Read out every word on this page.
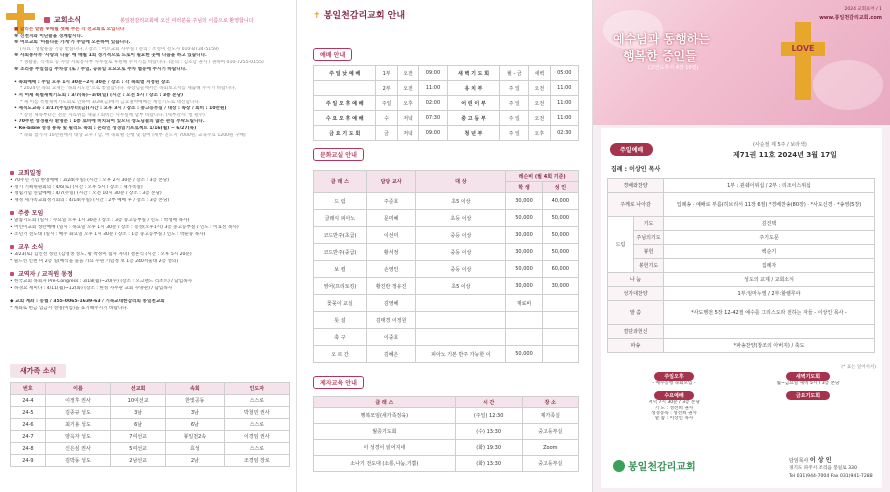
교회소식	봉일천감리교회에 오신 여러분을 주님의 이름으로 환영합니다
■ 알리는 말씀 ※매월 셋째 주는 각 선교회로 모입니다
※ 신천지와 이단들을 경계합시다.
※ 어르교회 '아름다운 가게'가 주일에 오픈하여 있습니다.
(자료 : 생활용품 기증 받습니다. / 장소 : 어르교회 사무실 / 문의 : 조영미 전도사 010-8734-5159)
※ 사회봉사부 '사랑의 나눔' 에 매월 1회 정기적으로 드로이 필요한 곳에 나눔을 하고 있습니다.
* 생활용, 식재료 등 사랑 사회봉사부 사무실로 후원해 주시기를 바랍니다. (문의 : 김호남 권사 / 권하여 010-7255-0155)
※ 조리중 주일섬김 주차장 (또 / 주일, 공휴일 오요오토 주차 협동에 주시기 바랍니다.

• 속회예배 : 주일 오후 1시 30분~2시 30분 / 장소 : 각 속회별 지정된 장소
* 2024년 속회 교재는 '속회지도안'으로 통일합니다. 속장님들께서는 속회보고서를 제출해 주시기 바랍니다.
• 서 어제 특별새벽기도회 : 3/7(목)~3/0(일) (시간 : 오전 5시 / 장소 : 3층 본당)
* 새 이름 특별새벽기도회로 인하여 3/29(금)에서 금요철야예배는 계인기도로 대신합니다.
• 제직도교육 : 3/17(주일)부터(금)(시간 : 오후 3시 / 장소 : 중고등부실 / 대상 : 속장 / 회비 : 10만원)
* 장년 제목부터는 전문 자료위를 제출 / 회비는 사무실에 납부 바랍니다. (세부강사: 청 황수)
• 70주년 성경필사 환영문 : 1층 로비에 비치되어 있으니 성도님들의 많은 관심 부탁드립니다.
• Re-bible 성경 통독 및 필리드 속회 : 온라인 성경읽기프로젝트 1/16(월) ~ 6/27(목)
* 속회 참가자 10만원에서 대상 교우 / 남, 여 속회별 진행 및 참여 (세부 진도지 7000원, 교육수료 1200원 구매)
교회일정
• 70주년 기념 한영예배 : 3/24(주일) (시간 : 오후 2시 30분 / 장소 : 3층 본당)
• 정기 기획위원회의 : 4/6(토) (시간 : 오후 5시 / 장소 : 제가족실)
• 정립기념 연합예배 : 4/7(주일) (시간 : 오전 10시 30분 / 장소 : 3층 본당)
• 재정 세가족교회정기회의 : 4/14(주일) (시간 : 2부 예배 후 / 장소 : 3층 본당)
주중 모임
• 말씀기도회 (일시 : 수요일 오후 1시 30분 / 장소 : 3층 중고등부실 / 인도 : 박성애 목사)
• 어린이교회 성탄예배 (일시 : 목요일 오후 1시 30분 / 장소 : 봉성(오후1시) 3층 중고등부실 / 인도 : 이효선 목사)
• 소년기 전도대 (일시 : 매주 화요일 오후 1시 30분 / 장소 : 1층 중고등부실 / 인도 : 박순중 목사)
교우 소식
• 3/23(토) 김인선 성년 (김영생 성도, 황 박정미 집사 자녀) 결혼식 (시간 : 오후 5시 20분)
* 필드선 인천 미 2층 일(예식을 돌을 가요 수원 기념정 보 1층 240서울대 2층 성의)
교역자 / 교직원 동정
• 한국교회 목회자 Pre-Congress : 3/18(월)~20(수) (장소 : 오크랜드 리조트) / 담임목사
• 하경요 세미나 : 4/11(월)~12(화) (장소 : 한성 사무관 교회 수양관) / 담임목사

◆ 교회 계좌 : 농협 / 355-0065-1639-63 / 기독교대한감리회 봉일천교회
* 계좌로 헌금 입금시 성명(이름)을 표기해주시기 바랍니다.
새가족 소식
번호	이름	선교회	속회	인도자
24-4	이정후 권사	10여선교	한빛공동	스스로
24-5	김종규 성도	3남	3남	박철민 권사
24-6	최기용 성도	6남	6남	스스로
24-7	양옥자 성도	7여선교	봉일천2속	이경임 권사
24-8	신은심 권사	5여선교	효성	스스로
24-9	김박동 성도	2남선교	2남	조경임 장로
✝ 봉일천감리교회 안내
예배 안내
주 일 낮 예 배	1부	오전	09:00	새 벽 기 도 회	월 - 금	새벽	05:00
	2부	오전	11:00	유 치 부	주 일	오전	11:00
주 일 오 후 예 배	주일	오후	02:00	어 린 이 부	주 일	오전	11:00
수 요 오 후 예 배	수	저녁	07:30	중 고 등 부	주 일	오전	11:00
금 요 기 도 회	금	저녁	09:00	청 년 부	주 일	오후	02:30
문화교실 안내
클 래 스	담당 교사	대 상	레슨비 (월 4회 기준)	
			학 생	성 인
드 럼	주준호	초5 이상	30,000	40,000
클래식 피아노	문미혜	초등 이상	50,000	50,000
코드반주(초급)	이선미	중등 이상	30,000	50,000
코드반주(중급)	황서정	중등 이상	30,000	50,000
보 컬	손영인	중등 이상	50,000	60,000
영어(프리토킹)	황진란 정유진	초5 이상	30,000	30,000
꽃꽂이 교실	김영혜		재료비	
뜻 설	김태경 이정원			
축 구	이중호			
오 르 간	김혜은	피아노 기본 반주 가능한 이	50,000	
제자교육 안내
클 래 스	시 간	장 소
행복모임(새가족정육)	(주일) 12:30	제가족실
월증기도회	(수) 13:30	중고등부실
이 성경이 읽어지네	(화) 19:30	Zoom
소나기 전도대 (소통,나눔,기쁨)	(화) 13:30	중고등부실
2024 교회표어 / 1
www.봉일천감리교회.com
예수님과 동행하는
행복한 증인들
(고린도후서 4장 10절)
LOVE
주일예배
(사순절 제 5주 / 보라색)
제71권 11호 2024년 3월 17일
집례 : 이상인 목사
경배와찬양		1부 : 윈쉐이위십 / 2부 : 리조이스위십
주께로 나아감		입례송 · 예배로 부름(히브리서 11장 6절) *경배찬송(80장) · *사도신경 · *송영(5장)
드림	기도	김진택
	주님의기도	주기도문
	봉헌	백순기
	봉헌기도	집례자
나 눔		성도의 교제 / 교회소식
성가대찬양		1부:임마누엘 / 2부:할렐루야
말 씀		*사도행전 5장 12-42절 예수를 그리스도라 전하는 자들 - 이상인 목사 -
결단과헌신		
파송		*파송찬양(창조의 아버지) / 축도
(* 표는 일어서서)
주일오후
- 예수동행 속회모임 -
새벽기도회
월~금요일 새벽 5시 / 3층 본당
수요예배
저녁 7시 30분 / 3층 본당
기 도 : 성선희 권사
성경봉독 : 성선희 권사
말 씀 : 이상인 목사
금요기도회

봉일천감리교회
담임목사 이 상 인
경기도 파주시 조리읍 봉일로 330
Tel 031)944-7004 Fax 031)941-7288
